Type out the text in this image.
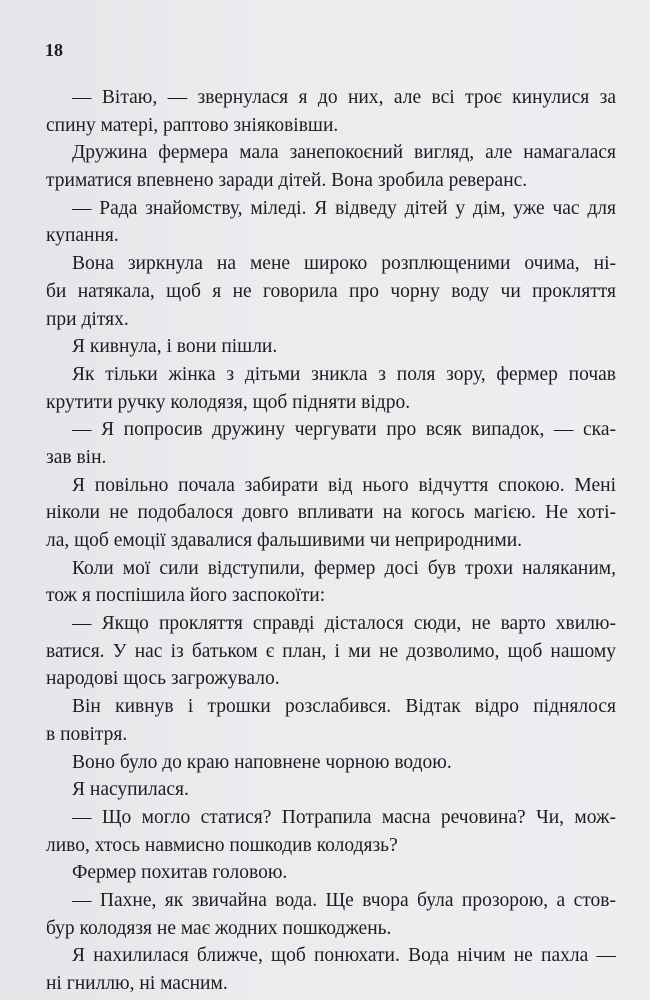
18
— Вітаю, — звернулася я до них, але всі троє кинулися за
спину матері, раптово зніяковівши.
Дружина фермера мала занепокоєний вигляд, але намагалася
триматися впевнено заради дітей. Вона зробила реверанс.
— Рада знайомству, міледі. Я відведу дітей у дім, уже час для
купання.
Вона зиркнула на мене широко розплющеними очима, ні-
би натякала, щоб я не говорила про чорну воду чи прокляття
при дітях.
Я кивнула, і вони пішли.
Як тільки жінка з дітьми зникла з поля зору, фермер почав
крутити ручку колодязя, щоб підняти відро.
— Я попросив дружину чергувати про всяк випадок, — ска-
зав він.
Я повільно почала забирати від нього відчуття спокою. Мені
ніколи не подобалося довго впливати на когось магією. Не хоті-
ла, щоб емоції здавалися фальшивими чи неприродними.
Коли мої сили відступили, фермер досі був трохи наляканим,
тож я поспішила його заспокоїти:
— Якщо прокляття справді дісталося сюди, не варто хвилю-
ватися. У нас із батьком є план, і ми не дозволимо, щоб нашому
народові щось загрожувало.
Він кивнув і трошки розслабився. Відтак відро піднялося
в повітря.
Воно було до краю наповнене чорною водою.
Я насупилася.
— Що могло статися? Потрапила масна речовина? Чи, мож-
ливо, хтось навмисно пошкодив колодязь?
Фермер похитав головою.
— Пахне, як звичайна вода. Ще вчора була прозорою, а стов-
бур колодязя не має жодних пошкоджень.
Я нахилилася ближче, щоб понюхати. Вода нічим не пахла —
ні гниллю, ні масним.
